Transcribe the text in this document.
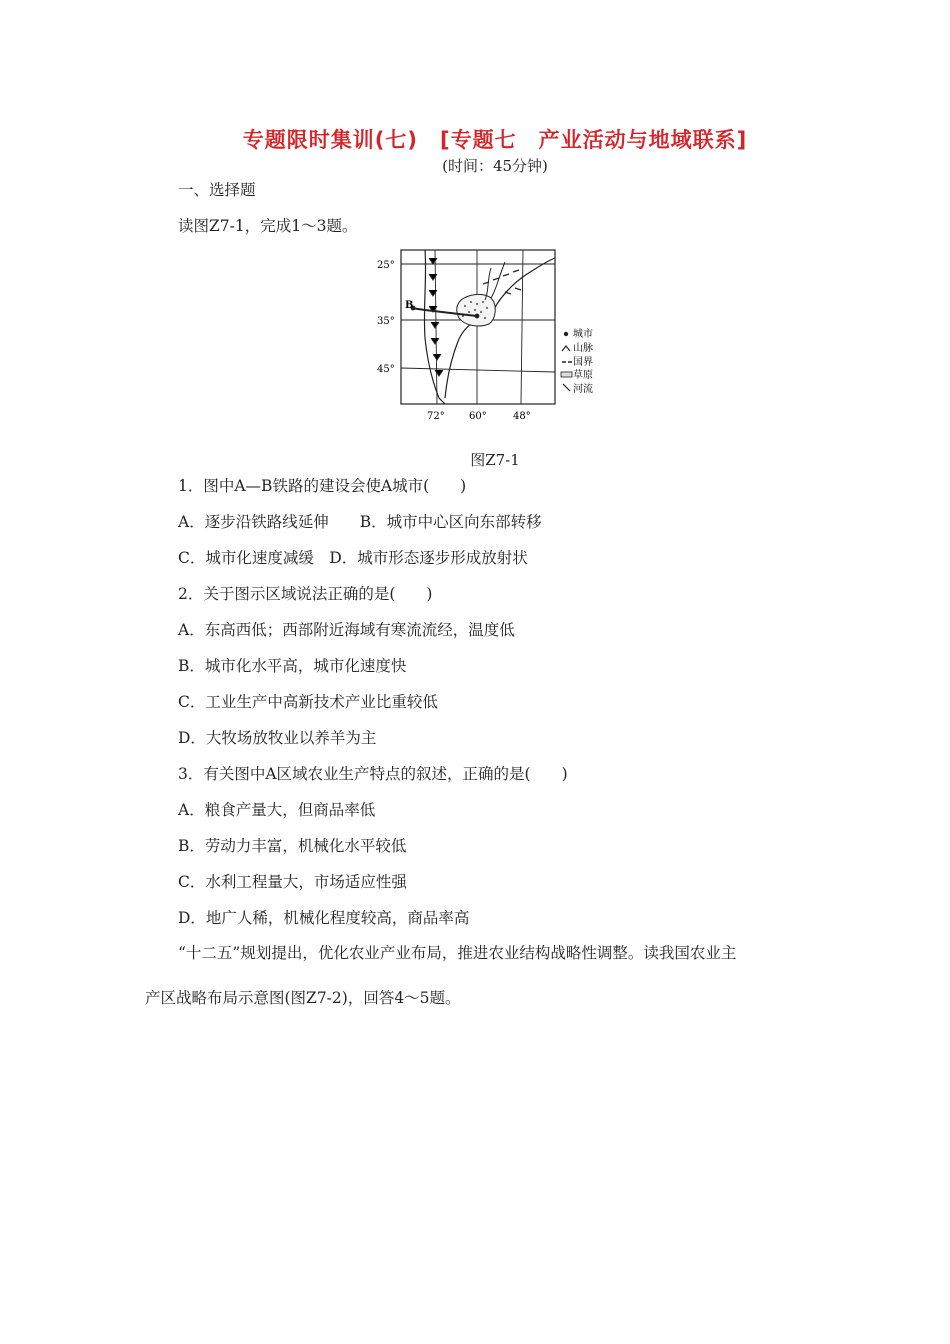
专题限时集训(七)　[专题七　产业活动与地域联系]
(时间：45分钟)
一、选择题
读图Z7-1，完成1～3题。
25°
35°
45°
72° 60°	48°
B
城市
山脉
国界
草原
河流
图Z7-1
1．图中A—B铁路的建设会使A城市(　　)
A．逐步沿铁路线延伸　　B．城市中心区向东部转移
C．城市化速度减缓　D．城市形态逐步形成放射状
2．关于图示区域说法正确的是(　　)
A．东高西低；西部附近海域有寒流流经，温度低
B．城市化水平高，城市化速度快
C．工业生产中高新技术产业比重较低
D．大牧场放牧业以养羊为主
3．有关图中A区域农业生产特点的叙述，正确的是(　　)
A．粮食产量大，但商品率低
B．劳动力丰富，机械化水平较低
C．水利工程量大，市场适应性强
D．地广人稀，机械化程度较高，商品率高
“十二五”规划提出，优化农业产业布局，推进农业结构战略性调整。读我国农业主
产区战略布局示意图(图Z7-2)，回答4～5题。
